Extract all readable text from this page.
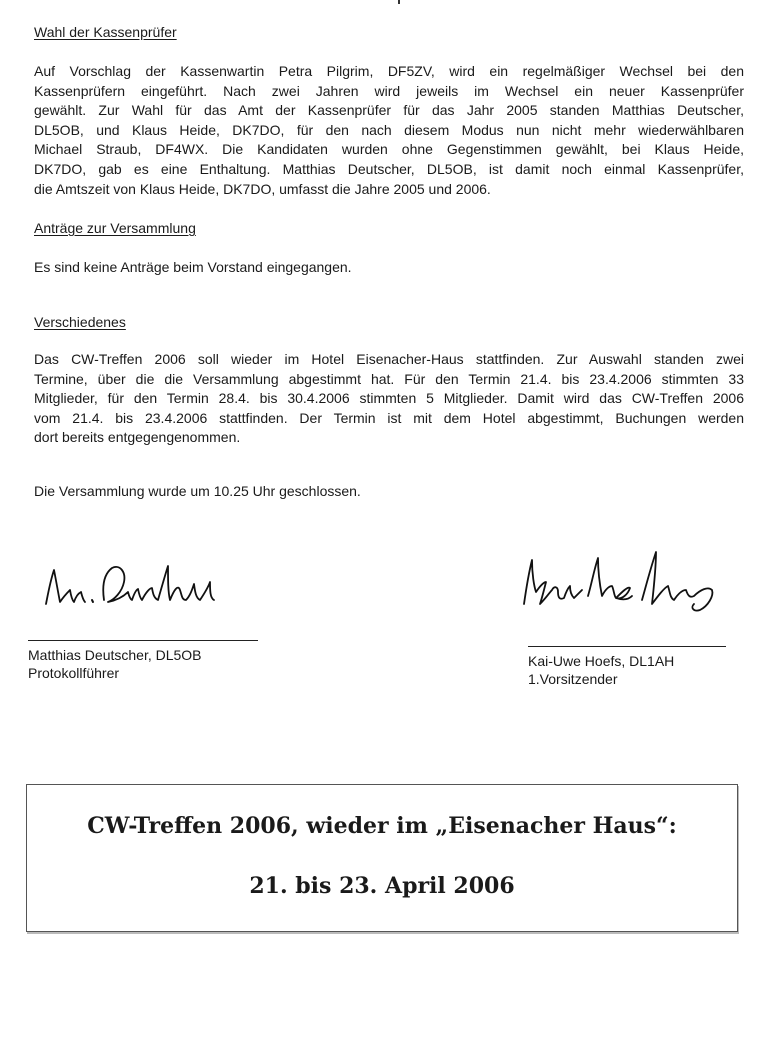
Wahl der Kassenprüfer
Auf Vorschlag der Kassenwartin Petra Pilgrim, DF5ZV, wird ein regelmäßiger Wechsel bei den
Kassenprüfern eingeführt. Nach zwei Jahren wird jeweils im Wechsel ein neuer Kassenprüfer
gewählt. Zur Wahl für das Amt der Kassenprüfer für das Jahr 2005 standen Matthias Deutscher,
DL5OB, und Klaus Heide, DK7DO, für den nach diesem Modus nun nicht mehr wiederwählbaren
Michael Straub, DF4WX. Die Kandidaten wurden ohne Gegenstimmen gewählt, bei Klaus Heide,
DK7DO, gab es eine Enthaltung. Matthias Deutscher, DL5OB, ist damit noch einmal Kassenprüfer,
die Amtszeit von Klaus Heide, DK7DO, umfasst die Jahre 2005 und 2006.
Anträge zur Versammlung
Es sind keine Anträge beim Vorstand eingegangen.
Verschiedenes
Das CW-Treffen 2006 soll wieder im Hotel Eisenacher-Haus stattfinden. Zur Auswahl standen zwei
Termine, über die die Versammlung abgestimmt hat. Für den Termin 21.4. bis 23.4.2006 stimmten 33
Mitglieder, für den Termin 28.4. bis 30.4.2006 stimmten 5 Mitglieder. Damit wird das CW-Treffen 2006
vom 21.4. bis 23.4.2006 stattfinden. Der Termin ist mit dem Hotel abgestimmt, Buchungen werden
dort bereits entgegengenommen.
Die Versammlung wurde um 10.25 Uhr geschlossen.
Matthias Deutscher, DL5OB
Protokollführer
Kai-Uwe Hoefs, DL1AH
1.Vorsitzender
CW-Treffen 2006, wieder im „Eisenacher Haus“:
21. bis 23. April 2006
